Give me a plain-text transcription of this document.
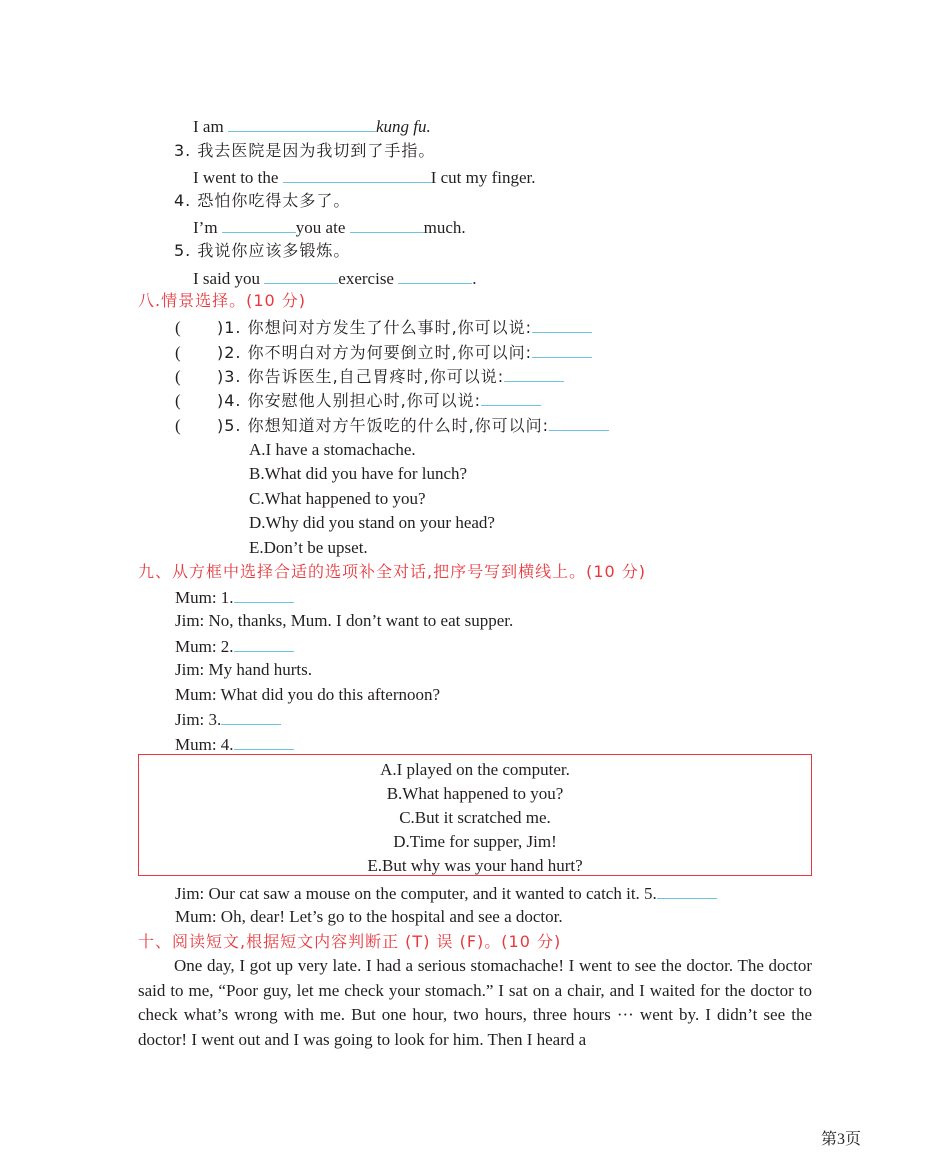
I am	kung fu.
3. 我去医院是因为我切到了手指。
I went to the	I cut my finger.
4. 恐怕你吃得太多了。
I’m	you ate	much.
5. 我说你应该多锻炼。
I said you	exercise	.
八.情景选择。(10 分)
( )1. 你想问对方发生了什么事时,你可以说:
( )2. 你不明白对方为何要倒立时,你可以问:
( )3. 你告诉医生,自己胃疼时,你可以说:
( )4. 你安慰他人别担心时,你可以说:
( )5. 你想知道对方午饭吃的什么时,你可以问:
A.I have a stomachache.
B.What did you have for lunch?
C.What happened to you?
D.Why did you stand on your head?
E.Don’t be upset.
九、从方框中选择合适的选项补全对话,把序号写到横线上。(10 分)
Mum: 1.
Jim: No, thanks, Mum. I don’t want to eat supper.
Mum: 2.
Jim: My hand hurts.
Mum: What did you do this afternoon?
Jim: 3.
Mum: 4.
A.I played on the computer.
B.What happened to you?
C.But it scratched me.
D.Time for supper, Jim!
E.But why was your hand hurt?
Jim: Our cat saw a mouse on the computer, and it wanted to catch it. 5.
Mum: Oh, dear! Let’s go to the hospital and see a doctor.
十、阅读短文,根据短文内容判断正 (T) 误 (F)。(10 分)

One day, I got up very late. I had a serious stomachache! I went to see the doctor. The doctor said to me, “Poor guy, let me check your stomach.” I sat on a chair, and I waited for the doctor to check what’s wrong with me. But one hour, two hours, three hours ··· went by. I didn’t see the doctor! I went out and I was going to look for him. Then I heard a

第3页
